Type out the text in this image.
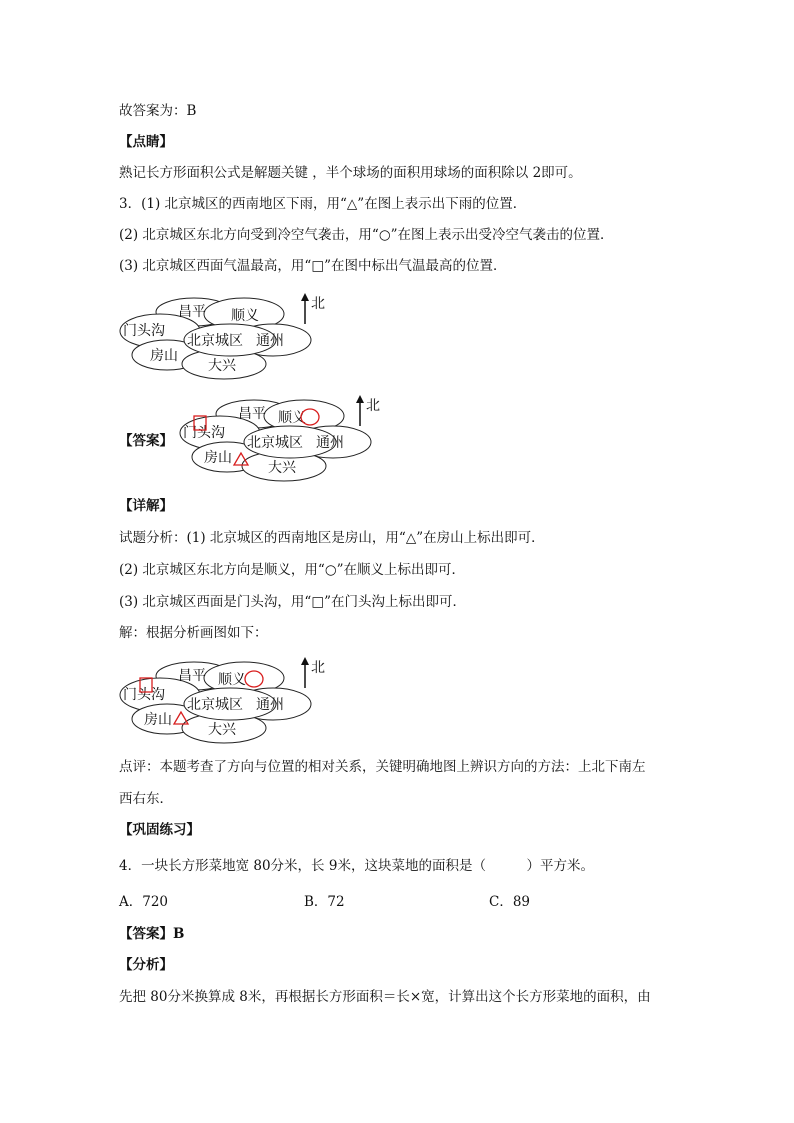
故答案为：B
【点睛】
熟记长方形面积公式是解题关键 ，半个球场的面积用球场的面积除以 2即可。
3．(1) 北京城区的西南地区下雨，用“△”在图上表示出下雨的位置．
(2) 北京城区东北方向受到冷空气袭击，用“○”在图上表示出受冷空气袭击的位置．
(3) 北京城区西面气温最高，用“□”在图中标出气温最高的位置．
昌平 顺义
门头沟
北京城区 通州
房山
大兴
北
【答案】
昌平 顺义
门头沟
北京城区 通州
房山
大兴
北
【详解】
试题分析：(1) 北京城区的西南地区是房山，用“△”在房山上标出即可．
(2) 北京城区东北方向是顺义，用“○”在顺义上标出即可．
(3) 北京城区西面是门头沟，用“□”在门头沟上标出即可．
解：根据分析画图如下：
昌平 顺义
门头沟
北京城区 通州
房山
大兴
北
点评：本题考查了方向与位置的相对关系，关键明确地图上辨识方向的方法：上北下南左
西右东．
【巩固练习】
4．一块长方形菜地宽 80分米，长 9米，这块菜地的面积是（　　　）平方米。
A．720	B．72	C．89
【答案】B
【分析】
先把 80分米换算成 8米，再根据长方形面积＝长×宽，计算出这个长方形菜地的面积，由
